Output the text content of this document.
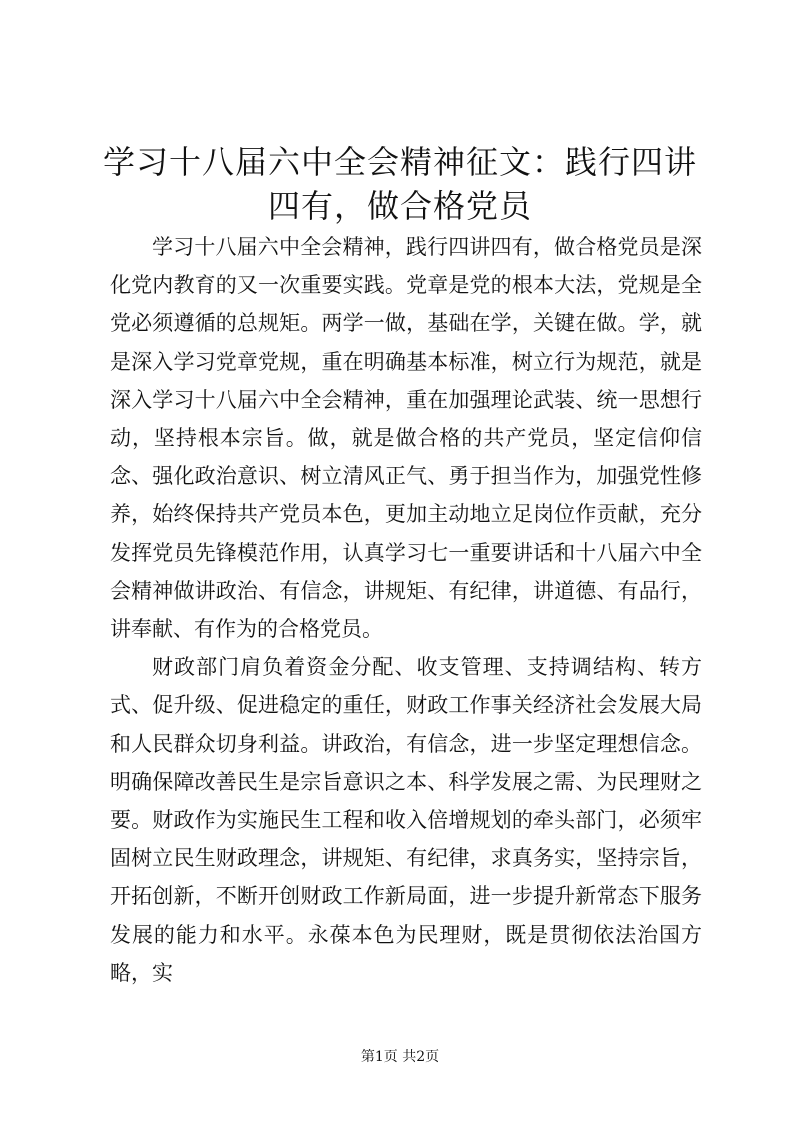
学习十八届六中全会精神征文：践行四讲四有，做合格党员

学习十八届六中全会精神，践行四讲四有，做合格党员是深化党内教育的又一次重要实践。党章是党的根本大法，党规是全党必须遵循的总规矩。两学一做，基础在学，关键在做。学，就是深入学习党章党规，重在明确基本标准，树立行为规范，就是深入学习十八届六中全会精神，重在加强理论武装、统一思想行动，坚持根本宗旨。做，就是做合格的共产党员，坚定信仰信念、强化政治意识、树立清风正气、勇于担当作为，加强党性修养，始终保持共产党员本色，更加主动地立足岗位作贡献，充分发挥党员先锋模范作用，认真学习七一重要讲话和十八届六中全会精神做讲政治、有信念，讲规矩、有纪律，讲道德、有品行，讲奉献、有作为的合格党员。

财政部门肩负着资金分配、收支管理、支持调结构、转方式、促升级、促进稳定的重任，财政工作事关经济社会发展大局和人民群众切身利益。讲政治，有信念，进一步坚定理想信念。明确保障改善民生是宗旨意识之本、科学发展之需、为民理财之要。财政作为实施民生工程和收入倍增规划的牵头部门，必须牢固树立民生财政理念，讲规矩、有纪律，求真务实，坚持宗旨，开拓创新，不断开创财政工作新局面，进一步提升新常态下服务发展的能力和水平。永葆本色为民理财，既是贯彻依法治国方略，实

第1页 共2页
